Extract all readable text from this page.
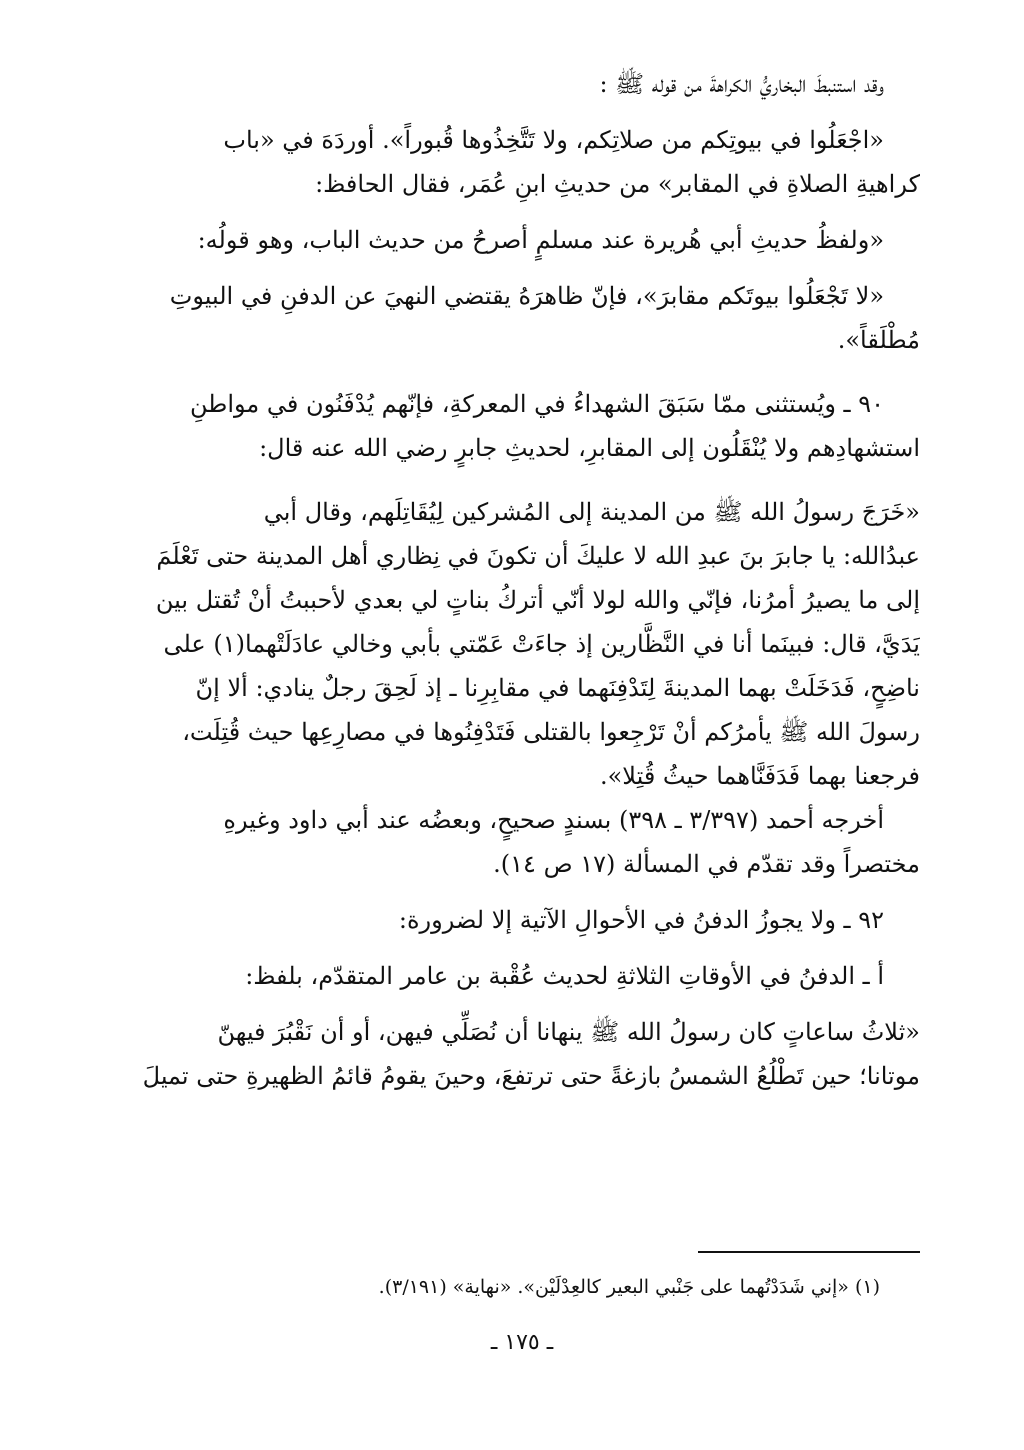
وقد استنبطَ البخاريُّ الكراهةَ من قوله ﷺ :

«اجْعَلُوا في بيوتِكم من صلاتِكم، ولا تَتَّخِذُوها قُبوراً». أوردَهَ في «باب

كراهيةِ الصلاةِ في المقابر» من حديثِ ابنِ عُمَر، فقال الحافظ:

«ولفظُ حديثِ أبي هُريرة عند مسلمٍ أصرحُ من حديث الباب، وهو قولُه:

«لا تَجْعَلُوا بيوتَكم مقابرَ»، فإنّ ظاهرَهُ يقتضي النهيَ عن الدفنِ في البيوتِ

مُطْلَقاً».

٩٠ ـ ويُستثنى ممّا سَبَقَ الشهداءُ في المعركةِ، فإنّهم يُدْفَنُون في مواطنِ

استشهادِهم ولا يُنْقَلُون إلى المقابرِ، لحديثِ جابرٍ رضي الله عنه قال:

«خَرَجَ رسولُ الله ﷺ من المدينة إلى المُشركين لِيُقَاتِلَهم، وقال أبي

عبدُالله: يا جابرَ بنَ عبدِ الله لا عليكَ أن تكونَ في نِظاري أهل المدينة حتى تَعْلَمَ

إلى ما يصيرُ أمرُنا، فإنّي والله لولا أنّي أتركُ بناتٍ لي بعدي لأحببتُ أنْ تُقتل بين

يَدَيَّ، قال: فبينَما أنا في النَّظَّارين إذ جاءَتْ عَمّتي بأبي وخالي عادَلَتْهما(١) على

ناضِحٍ، فَدَخَلَتْ بهما المدينةَ لِتَدْفِنَهما في مقابِرِنا ـ إذ لَحِقَ رجلٌ ينادي: ألا إنّ

رسولَ الله ﷺ يأمرُكم أنْ تَرْجِعوا بالقتلى فَتَدْفِنُوها في مصارِعِها حيث قُتِلَت،

فرجعنا بهما فَدَفَنَّاهما حيثُ قُتِلا».

أخرجه أحمد (٣/٣٩٧ ـ ٣٩٨) بسندٍ صحيحٍ، وبعضُه عند أبي داود وغيرهِ

مختصراً وقد تقدّم في المسألة (١٧ ص ١٤).

٩٢ ـ ولا يجوزُ الدفنُ في الأحوالِ الآتية إلا لضرورة:

أ ـ الدفنُ في الأوقاتِ الثلاثةِ لحديث عُقْبة بن عامر المتقدّم، بلفظ:

«ثلاثُ ساعاتٍ كان رسولُ الله ﷺ ينهانا أن نُصَلِّي فيهن، أو أن نَقْبُرَ فيهنّ

موتانا؛ حين تَطْلُعُ الشمسُ بازغةً حتى ترتفعَ، وحينَ يقومُ قائمُ الظهيرةِ حتى تميلَ

(١) «إني شَدَدْتُهما على جَنْبي البعير كالعِدْلَيْن». «نهاية» (٣/١٩١).
ـ ١٧٥ ـ
